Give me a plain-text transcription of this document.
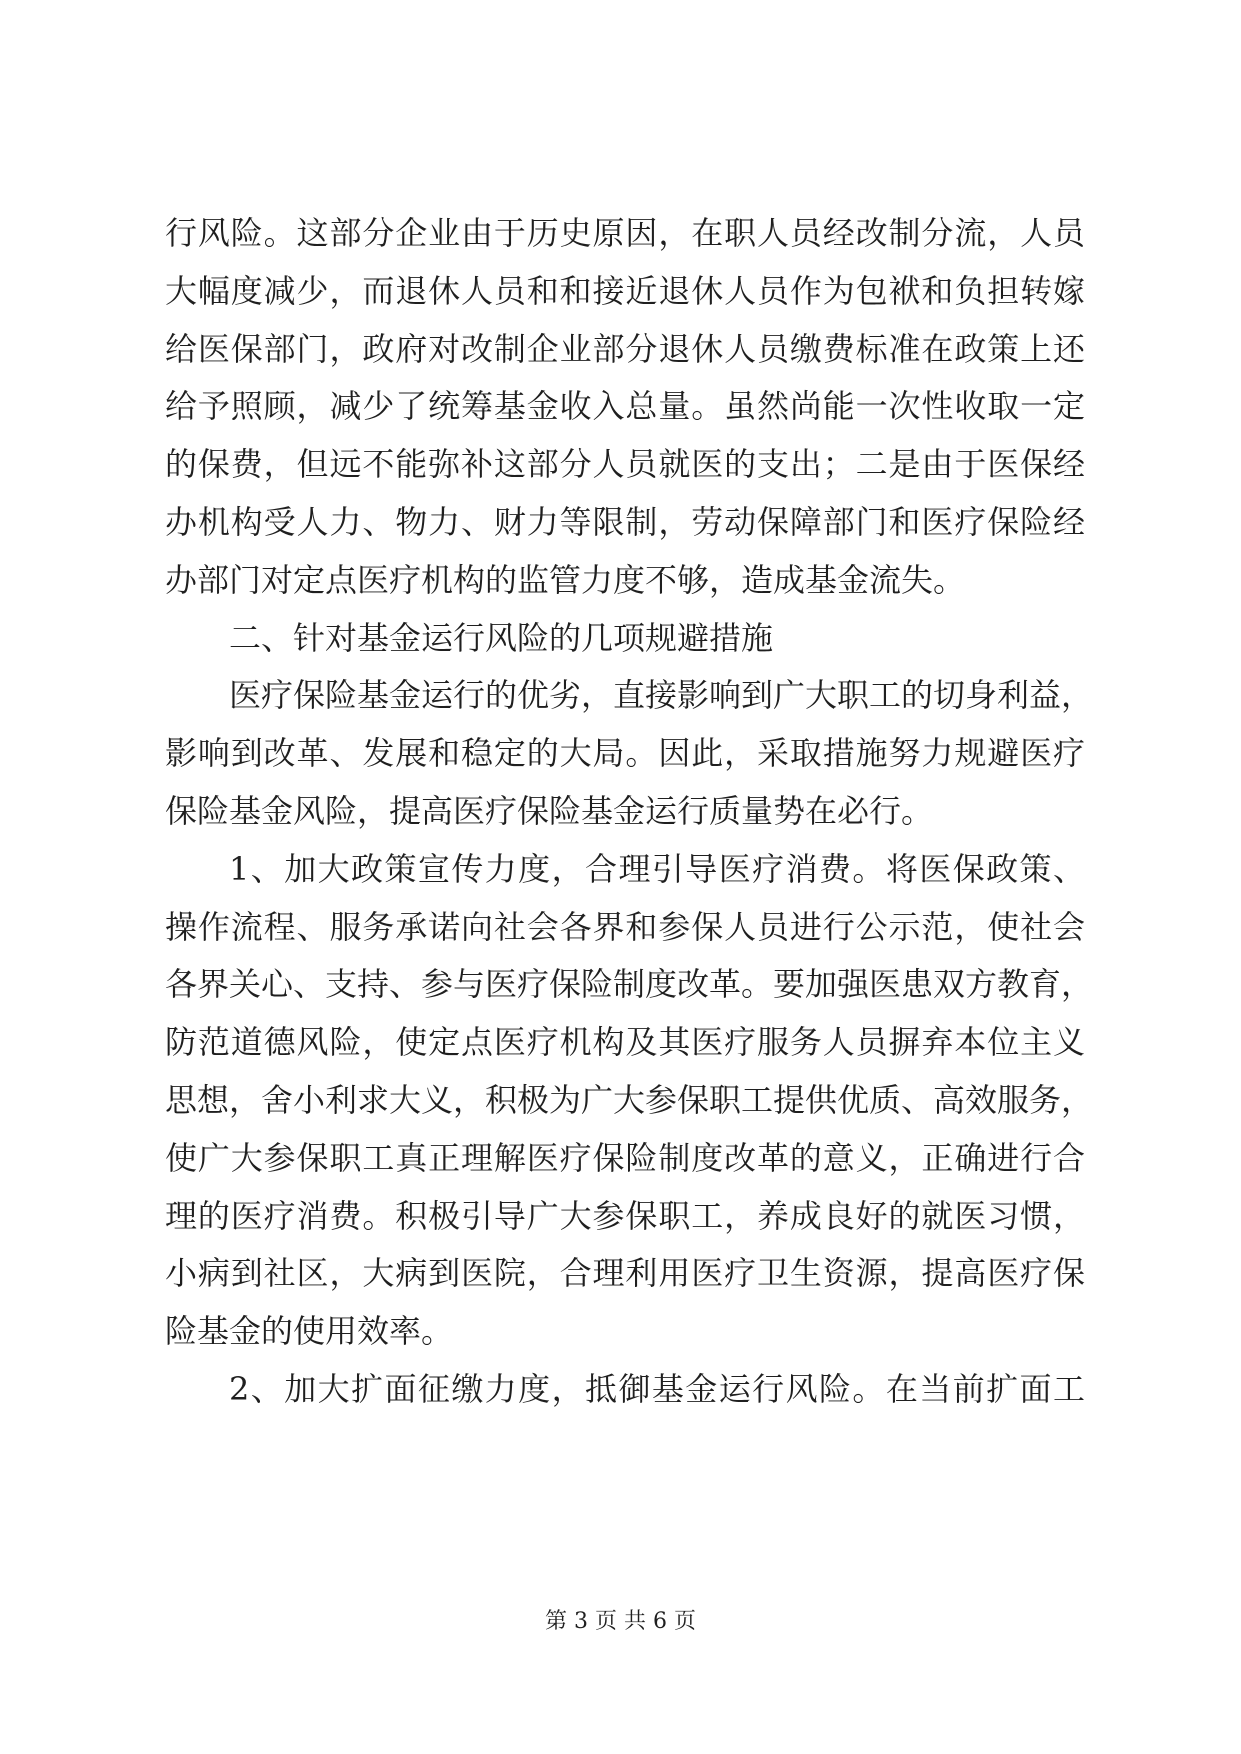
行风险。这部分企业由于历史原因，在职人员经改制分流，人员
大幅度减少，而退休人员和和接近退休人员作为包袱和负担转嫁
给医保部门，政府对改制企业部分退休人员缴费标准在政策上还
给予照顾，减少了统筹基金收入总量。虽然尚能一次性收取一定
的保费，但远不能弥补这部分人员就医的支出；二是由于医保经
办机构受人力、物力、财力等限制，劳动保障部门和医疗保险经
办部门对定点医疗机构的监管力度不够，造成基金流失。
二、针对基金运行风险的几项规避措施
医疗保险基金运行的优劣，直接影响到广大职工的切身利益，
影响到改革、发展和稳定的大局。因此，采取措施努力规避医疗
保险基金风险，提高医疗保险基金运行质量势在必行。
1、加大政策宣传力度，合理引导医疗消费。将医保政策、
操作流程、服务承诺向社会各界和参保人员进行公示范，使社会
各界关心、支持、参与医疗保险制度改革。要加强医患双方教育，
防范道德风险，使定点医疗机构及其医疗服务人员摒弃本位主义
思想，舍小利求大义，积极为广大参保职工提供优质、高效服务，
使广大参保职工真正理解医疗保险制度改革的意义，正确进行合
理的医疗消费。积极引导广大参保职工，养成良好的就医习惯，
小病到社区，大病到医院，合理利用医疗卫生资源，提高医疗保
险基金的使用效率。
2、加大扩面征缴力度，抵御基金运行风险。在当前扩面工
第 3 页 共 6 页
